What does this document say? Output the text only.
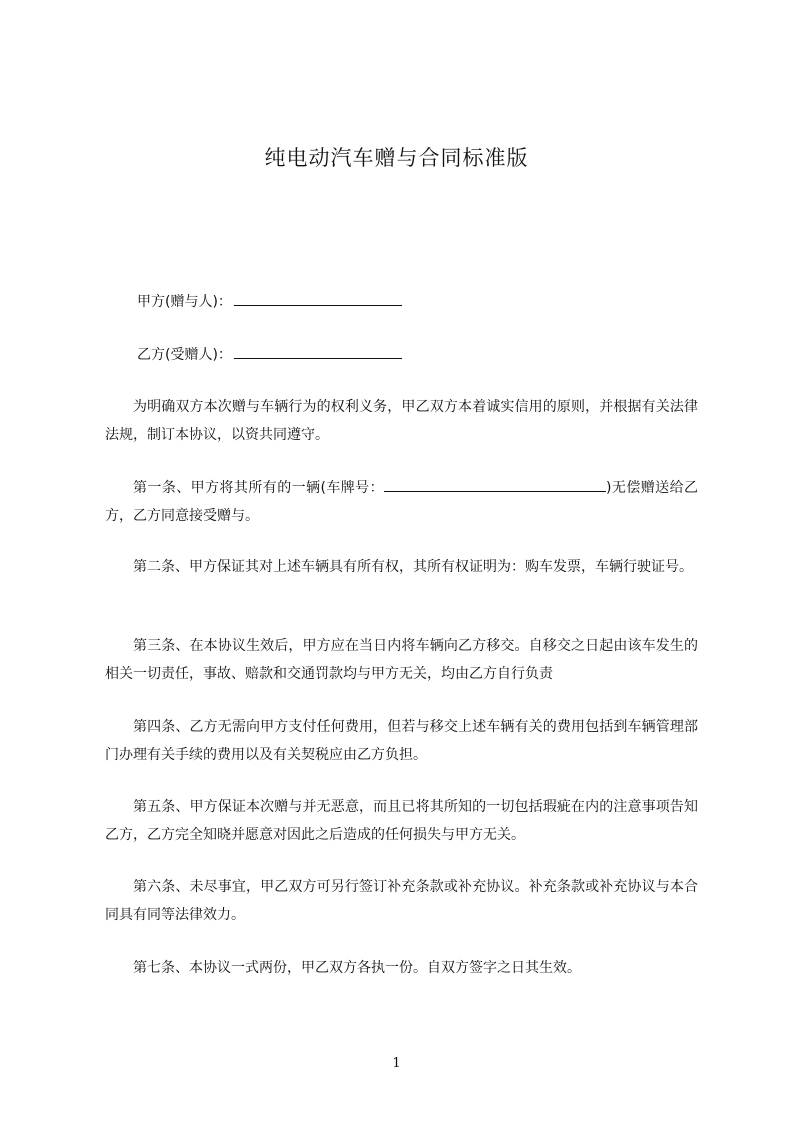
纯电动汽车赠与合同标准版
甲方(赠与人)：
乙方(受赠人)：
为明确双方本次赠与车辆行为的权利义务，甲乙双方本着诚实信用的原则，并根据有关法律法规，制订本协议，以资共同遵守。
第一条、甲方将其所有的一辆(车牌号：	)无偿赠送给乙方，乙方同意接受赠与。
第二条、甲方保证其对上述车辆具有所有权，其所有权证明为：购车发票，车辆行驶证号。
第三条、在本协议生效后，甲方应在当日内将车辆向乙方移交。自移交之日起由该车发生的相关一切责任，事故、赔款和交通罚款均与甲方无关，均由乙方自行负责
第四条、乙方无需向甲方支付任何费用，但若与移交上述车辆有关的费用包括到车辆管理部门办理有关手续的费用以及有关契税应由乙方负担。
第五条、甲方保证本次赠与并无恶意，而且已将其所知的一切包括瑕疵在内的注意事项告知乙方，乙方完全知晓并愿意对因此之后造成的任何损失与甲方无关。
第六条、未尽事宜，甲乙双方可另行签订补充条款或补充协议。补充条款或补充协议与本合同具有同等法律效力。
第七条、本协议一式两份，甲乙双方各执一份。自双方签字之日其生效。
1
